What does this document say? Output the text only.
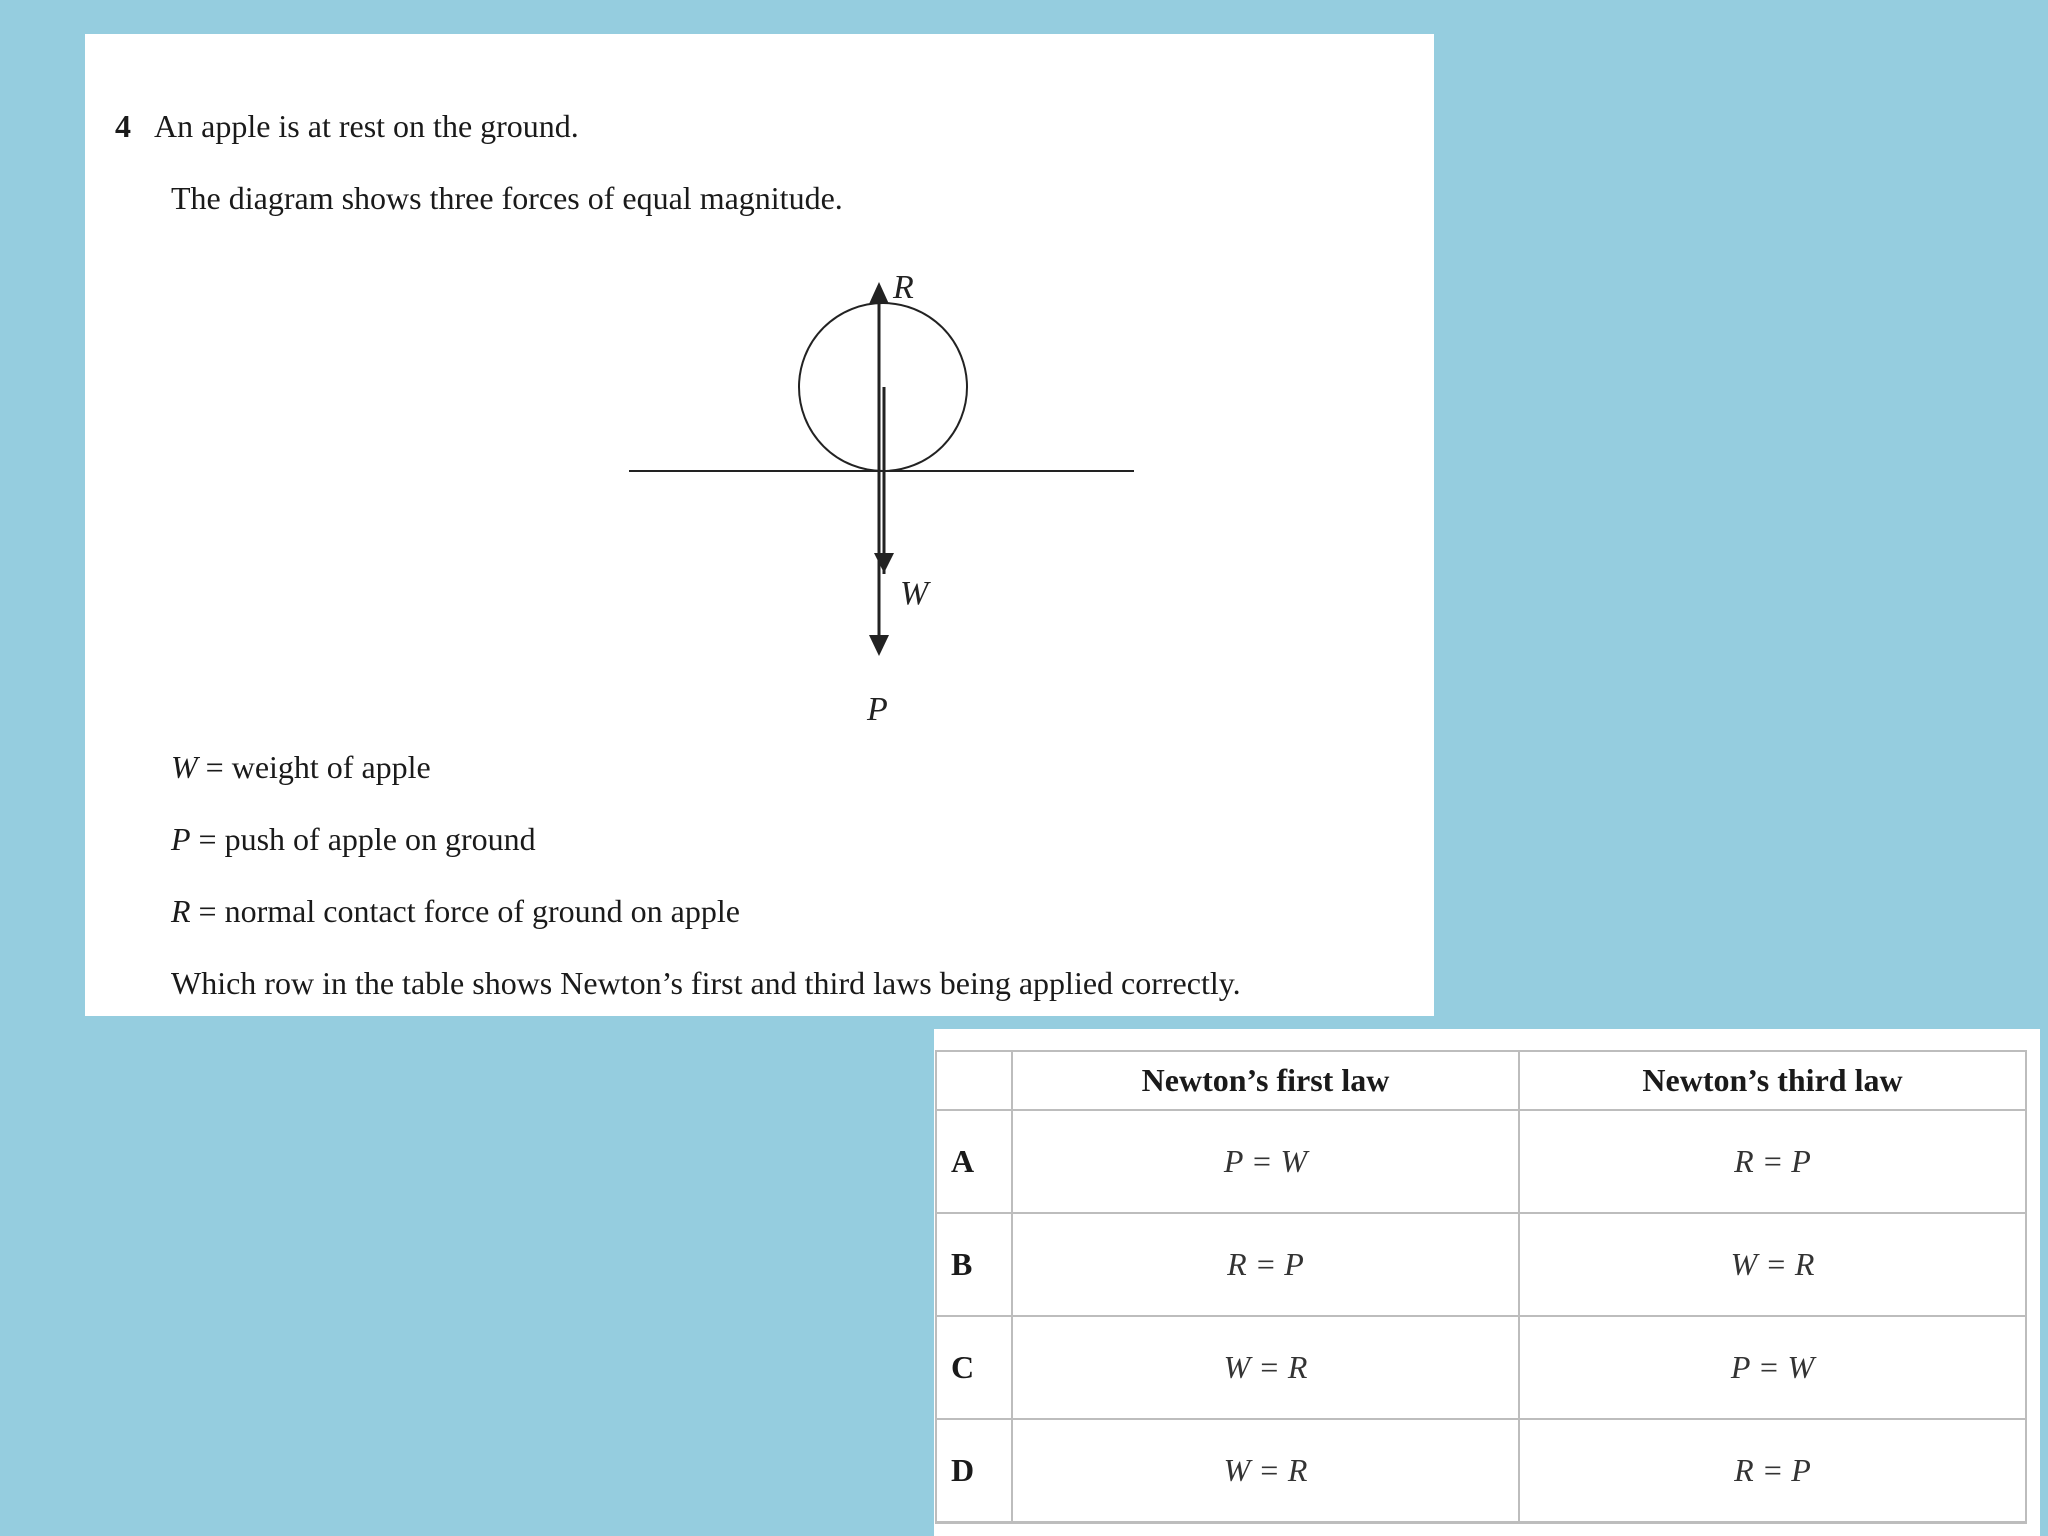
4 An apple is at rest on the ground.
The diagram shows three forces of equal magnitude.
R
W
P
W = weight of apple
P = push of apple on ground
R = normal contact force of ground on apple
Which row in the table shows Newton’s first and third laws being applied correctly.
	Newton’s first law	Newton’s third law
A	P = W	R = P
B	R = P	W = R
C	W = R	P = W
D	W = R	R = P
